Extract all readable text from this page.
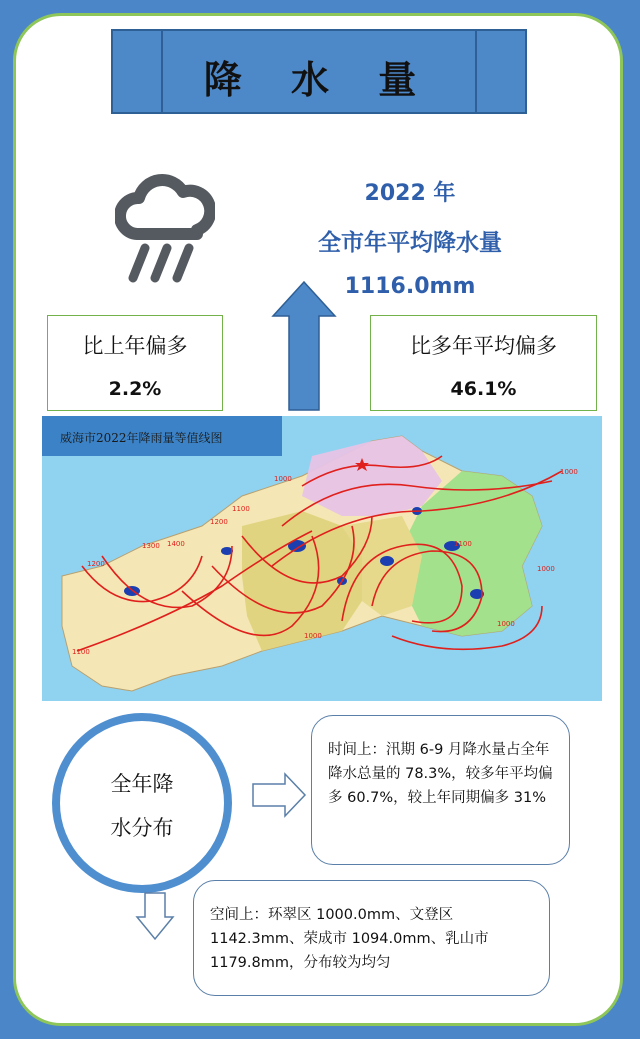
降 水 量
2022 年
全市年平均降水量
1116.0mm
比上年偏多
2.2%
比多年平均偏多
46.1%
威海市2022年降雨量等值线图
1100
1200
1300 1400
1000
1100
1000
1200
1100
1000
1000
1000
全年降
水分布
时间上：汛期 6-9 月降水量占全年降水总量的 78.3%，较多年平均偏多 60.7%，较上年同期偏多 31%
空间上：环翠区 1000.0mm、文登区 1142.3mm、荣成市 1094.0mm、乳山市 1179.8mm，分布较为均匀
